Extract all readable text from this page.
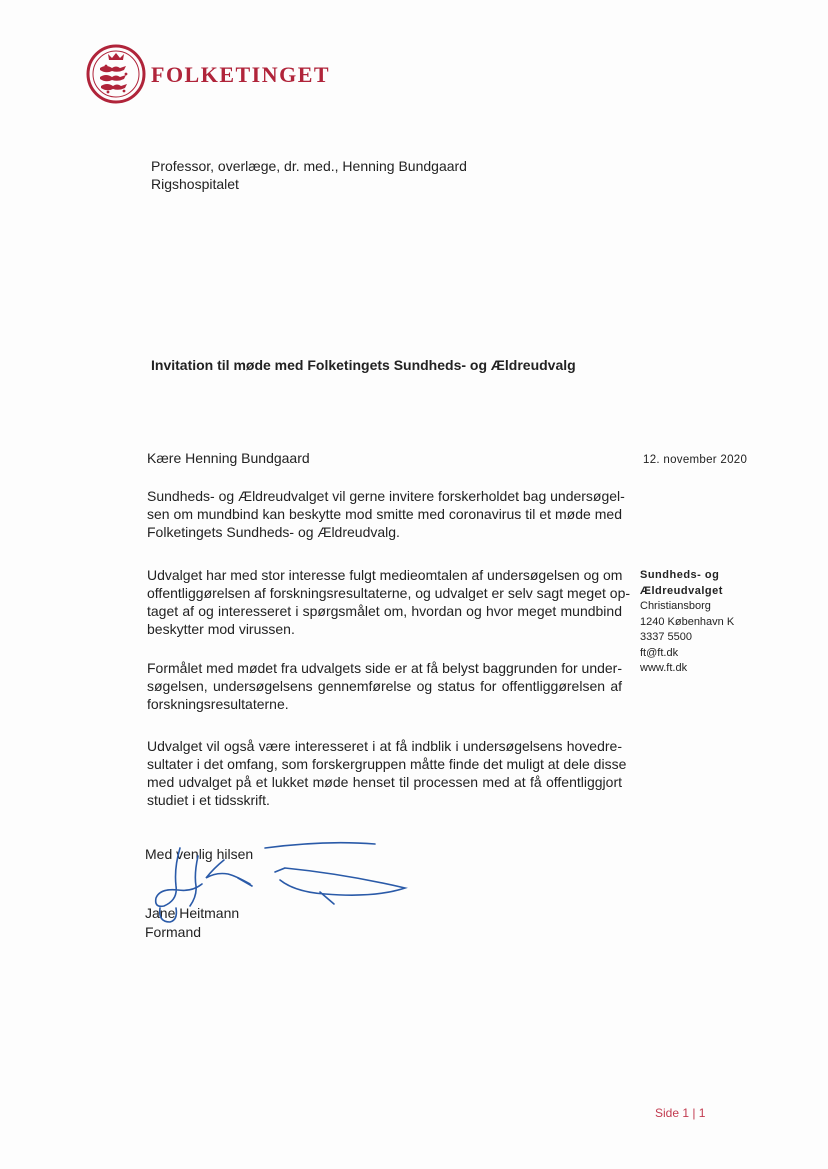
FOLKETINGET
Professor, overlæge, dr. med., Henning Bundgaard
Rigshospitalet
Invitation til møde med Folketingets Sundheds- og Ældreudvalg
Kære Henning Bundgaard	12. november 2020
Sundheds- og Ældreudvalget vil gerne invitere forskerholdet bag undersøgel-
sen om mundbind kan beskytte mod smitte med coronavirus til et møde med
Folketingets Sundheds- og Ældreudvalg.
Udvalget har med stor interesse fulgt medieomtalen af undersøgelsen og om
offentliggørelsen af forskningsresultaterne, og udvalget er selv sagt meget op-
taget af og interesseret i spørgsmålet om, hvordan og hvor meget mundbind
beskytter mod virussen.
Formålet med mødet fra udvalgets side er at få belyst baggrunden for under-
søgelsen, undersøgelsens gennemførelse og status for offentliggørelsen af
forskningsresultaterne.
Udvalget vil også være interesseret i at få indblik i undersøgelsens hovedre-
sultater i det omfang, som forskergruppen måtte finde det muligt at dele disse
med udvalget på et lukket møde henset til processen med at få offentliggjort
studiet i et tidsskrift.
Sundheds- og
Ældreudvalget
Christiansborg
1240 København K
3337 5500
ft@ft.dk
www.ft.dk
Med venlig hilsen
Jane Heitmann
Formand
Side 1 | 1
